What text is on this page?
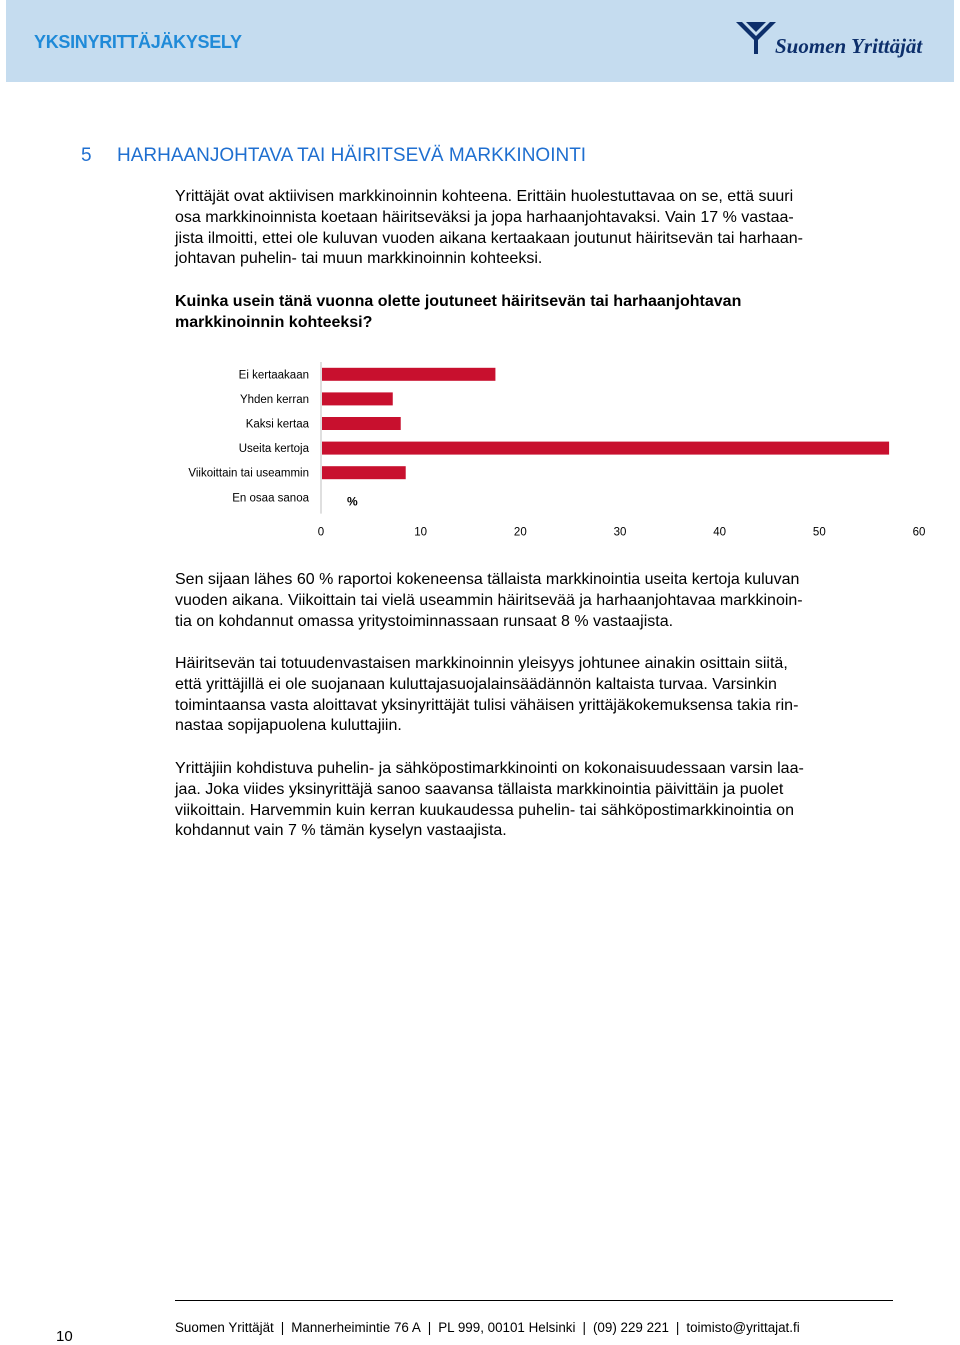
YKSINYRITTÄJÄKYSELY	Suomen Yrittäjät
5 HARHAANJOHTAVA TAI HÄIRITSEVÄ MARKKINOINTI
Yrittäjät ovat aktiivisen markkinoinnin kohteena. Erittäin huolestuttavaa on se, että suuri
osa markkinoinnista koetaan häiritseväksi ja jopa harhaanjohtavaksi. Vain 17 % vastaa-
jista ilmoitti, ettei ole kuluvan vuoden aikana kertaakaan joutunut häiritsevän tai harhaan-
johtavan puhelin- tai muun markkinoinnin kohteeksi.
Kuinka usein tänä vuonna olette joutuneet häiritsevän tai harhaanjohtavan
markkinoinnin kohteeksi?
Ei kertaakaan
Yhden kerran
Kaksi kertaa
Useita kertoja
Viikoittain tai useammin
En osaa sanoa	%
0	10	20	30	40	50	60
Sen sijaan lähes 60 % raportoi kokeneensa tällaista markkinointia useita kertoja kuluvan
vuoden aikana. Viikoittain tai vielä useammin häiritsevää ja harhaanjohtavaa markkinoin-
tia on kohdannut omassa yritystoiminnassaan runsaat 8 % vastaajista.
Häiritsevän tai totuudenvastaisen markkinoinnin yleisyys johtunee ainakin osittain siitä,
että yrittäjillä ei ole suojanaan kuluttajasuojalainsäädännön kaltaista turvaa. Varsinkin
toimintaansa vasta aloittavat yksinyrittäjät tulisi vähäisen yrittäjäkokemuksensa takia rin-
nastaa sopijapuolena kuluttajiin.
Yrittäjiin kohdistuva puhelin- ja sähköpostimarkkinointi on kokonaisuudessaan varsin laa-
jaa. Joka viides yksinyrittäjä sanoo saavansa tällaista markkinointia päivittäin ja puolet
viikoittain. Harvemmin kuin kerran kuukaudessa puhelin- tai sähköpostimarkkinointia on
kohdannut vain 7 % tämän kyselyn vastaajista.
10
Suomen Yrittäjät | Mannerheimintie 76 A | PL 999, 00101 Helsinki | (09) 229 221 | toimisto@yrittajat.fi
